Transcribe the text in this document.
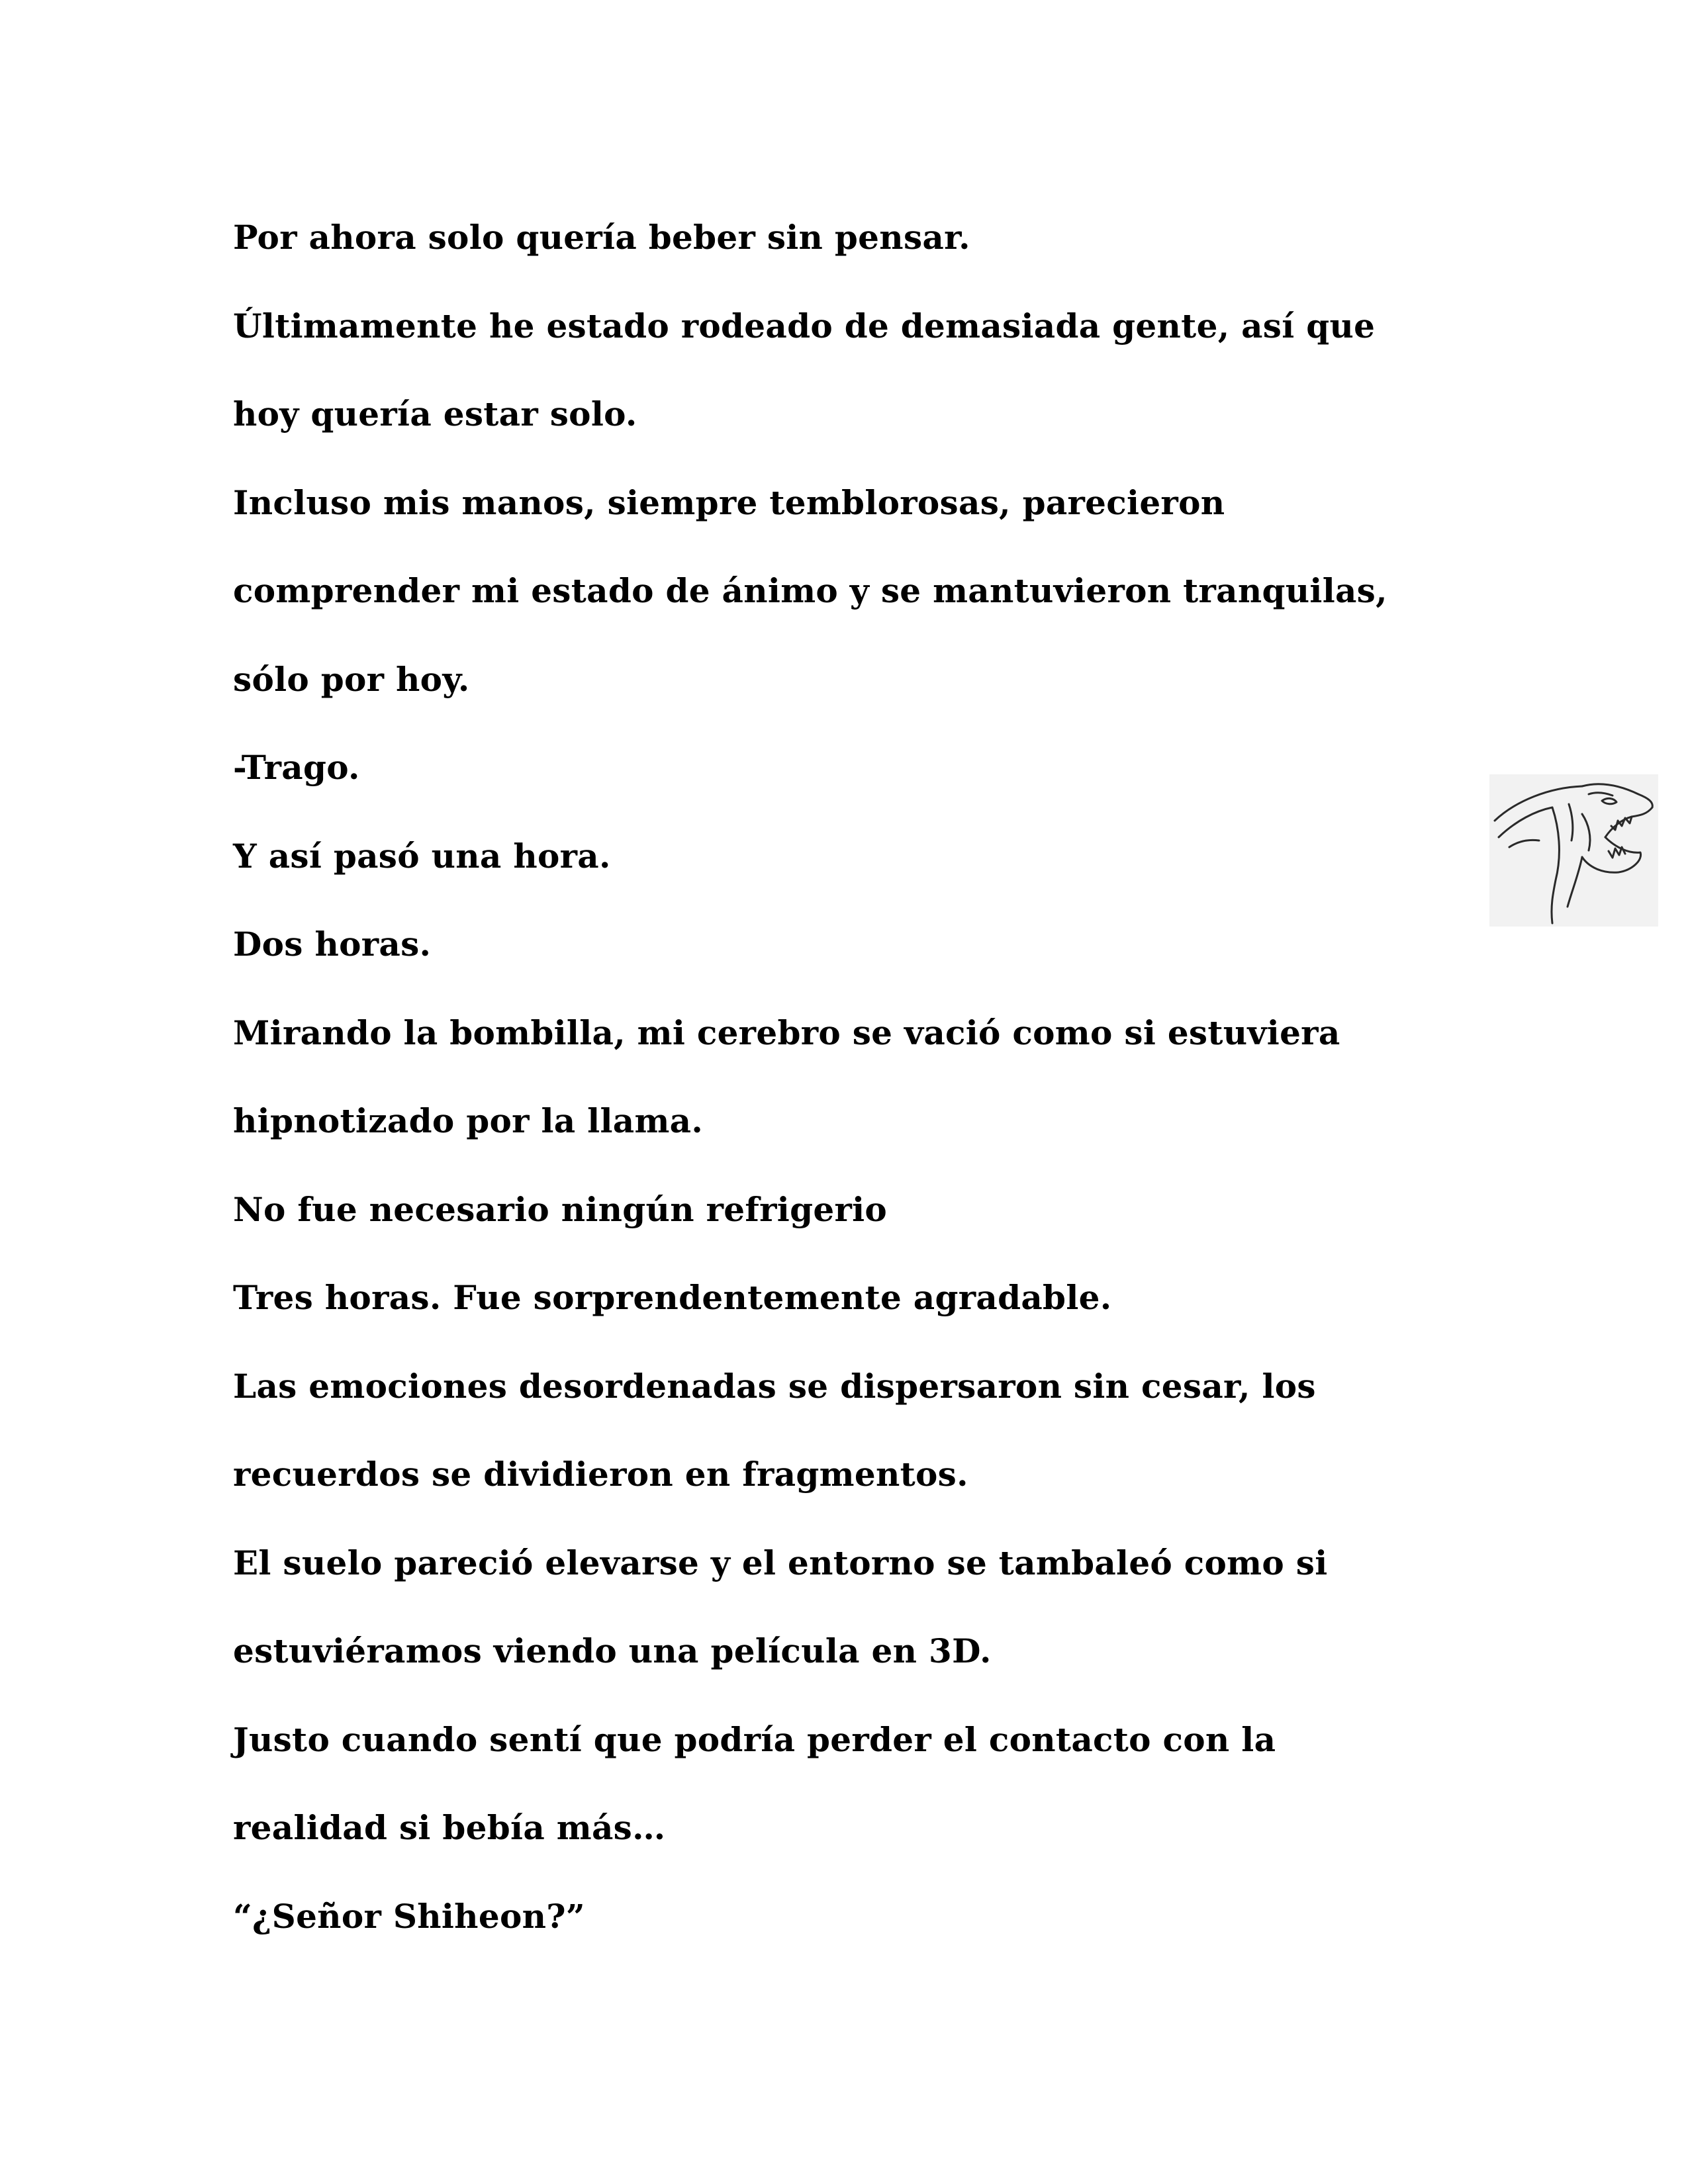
Por ahora solo quería beber sin pensar.
Últimamente he estado rodeado de demasiada gente, así que
hoy quería estar solo.
Incluso mis manos, siempre temblorosas, parecieron
comprender mi estado de ánimo y se mantuvieron tranquilas,
sólo por hoy.
-Trago.
Y así pasó una hora.
Dos horas.
Mirando la bombilla, mi cerebro se vació como si estuviera
hipnotizado por la llama.
No fue necesario ningún refrigerio
Tres horas. Fue sorprendentemente agradable.
Las emociones desordenadas se dispersaron sin cesar, los
recuerdos se dividieron en fragmentos.
El suelo pareció elevarse y el entorno se tambaleó como si
estuviéramos viendo una película en 3D.
Justo cuando sentí que podría perder el contacto con la
realidad si bebía más…
“¿Señor Shiheon?”
